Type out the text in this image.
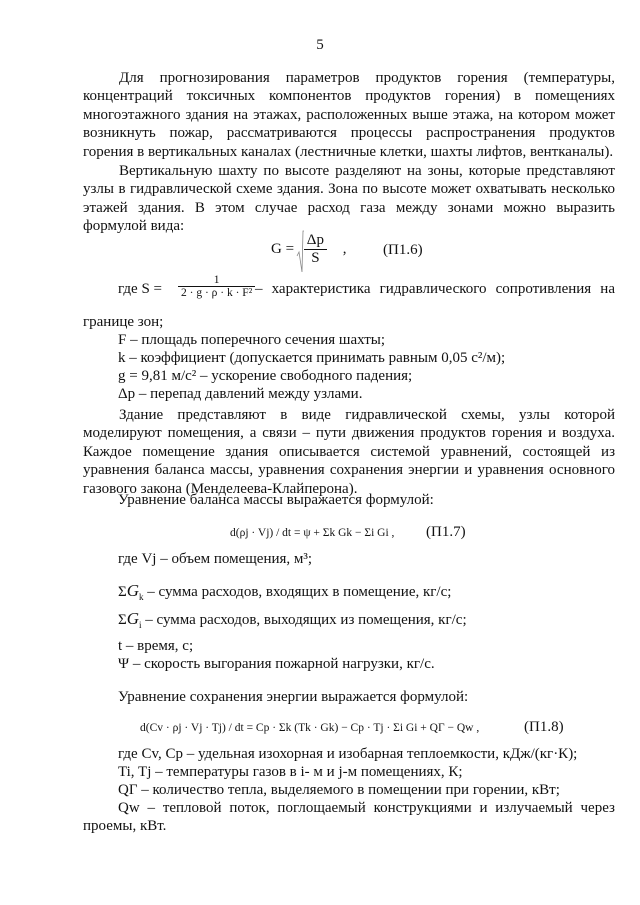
5
Для прогнозирования параметров продуктов горения (температуры, концентраций токсичных компонентов продуктов горения) в помещениях многоэтажного здания на этажах, расположенных выше этажа, на котором может возникнуть пожар, рассматриваются процессы распространения продуктов горения в вертикальных каналах (лестничные клетки, шахты лифтов, вентканалы).
Вертикальную шахту по высоте разделяют на зоны, которые представляют узлы в гидравлической схеме здания. Зона по высоте может охватывать несколько этажей здания. В этом случае расход газа между зонами можно выразить формулой вида:
$G = \frac{\Delta p}{S}$ , (П1.6)
где $S = \frac{1}{\text{2 · g · ρ · k · F²}}$ – характеристика гидравлического сопротивления на
границе зон;
F – площадь поперечного сечения шахты;
k – коэффициент (допускается принимать равным 0,05 с²/м);
g = 9,81 м/с² – ускорение свободного падения;
Δp – перепад давлений между узлами.
Здание представляют в виде гидравлической схемы, узлы которой моделируют помещения, а связи – пути движения продуктов горения и воздуха. Каждое помещение здания описывается системой уравнений, состоящей из уравнения баланса массы, уравнения сохранения энергии и уравнения основного газового закона (Менделеева-Клайперона).
Уравнение баланса массы выражается формулой:
d(ρj · Vj) / dt = ψ + Σk Gk − Σi Gi , (П1.7)
где Vj – объем помещения, м³;
$\Sigma G_k$ – сумма расходов, входящих в помещение, кг/с;
$\Sigma G_i$ – сумма расходов, выходящих из помещения, кг/с;
t – время, с;
Ψ – скорость выгорания пожарной нагрузки, кг/с.
Уравнение сохранения энергии выражается формулой:
d(Cv · ρj · Vj · Tj) / dt = Cp · Σk (Tk · Gk) − Cp · Tj · Σi Gi + QГ − Qw ,	(П1.8)
где Cv, Cp – удельная изохорная и изобарная теплоемкости, кДж/(кг·К);
Ti, Tj – температуры газов в i- м и j-м помещениях, К;
QГ – количество тепла, выделяемого в помещении при горении, кВт;
Qw – тепловой поток, поглощаемый конструкциями и излучаемый через проемы, кВт.
